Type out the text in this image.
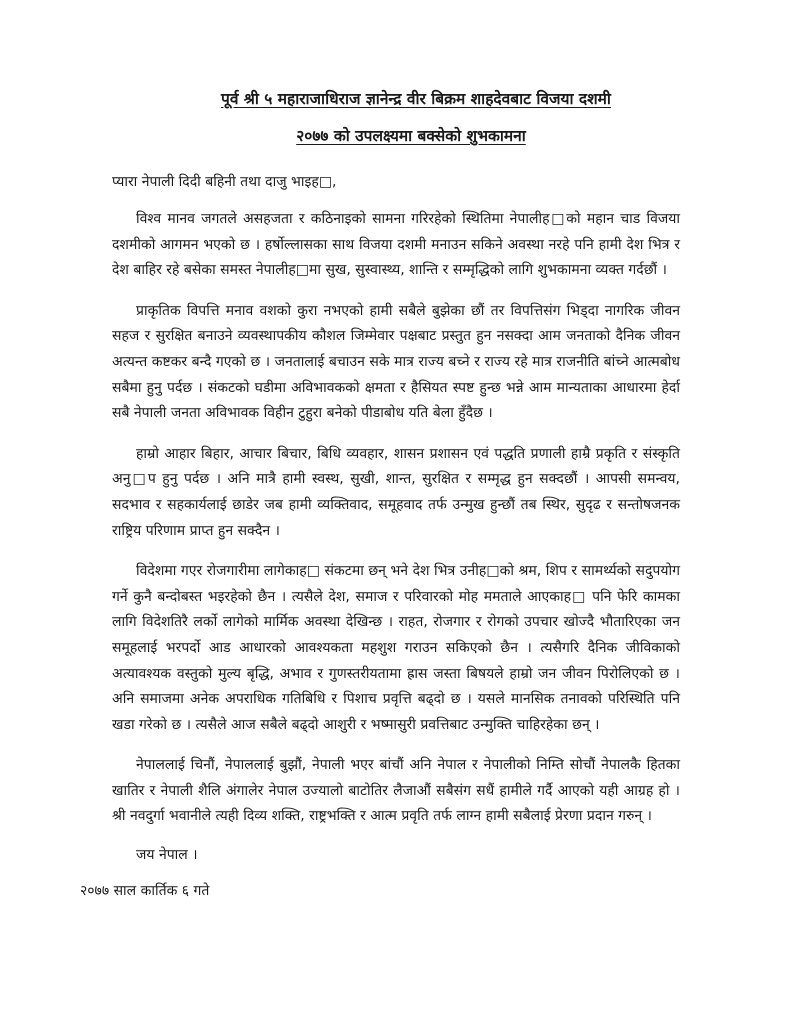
पूर्व श्री ५ महाराजाधिराज ज्ञानेन्द्र वीर बिक्रम शाहदेवबाट विजया दशमी

२०७७ को उपलक्ष्यमा बक्सेको शुभकामना

प्यारा नेपाली दिदी बहिनी तथा दाजु भाइह□,

विश्व मानव जगतले असहजता र कठिनाइको सामना गरिरहेको स्थितिमा नेपालीह□को महान चाड विजया दशमीको आगमन भएको छ । हर्षोल्लासका साथ विजया दशमी मनाउन सकिने अवस्था नरहे पनि हामी देश भित्र र देश बाहिर रहे बसेका समस्त नेपालीह□मा सुख, सुस्वास्थ्य, शान्ति र सम्मृद्धिको लागि शुभकामना व्यक्त गर्दछौं ।

प्राकृतिक विपत्ति मनाव वशको कुरा नभएको हामी सबैले बुझेका छौं तर विपत्तिसंग भिड्दा नागरिक जीवन सहज र सुरक्षित बनाउने व्यवस्थापकीय कौशल जिम्मेवार पक्षबाट प्रस्तुत हुन नसक्दा आम जनताको दैनिक जीवन अत्यन्त कष्टकर बन्दै गएको छ । जनतालाई बचाउन सके मात्र राज्य बच्ने र राज्य रहे मात्र राजनीति बांच्ने आत्मबोध सबैमा हुनु पर्दछ । संकटको घडीमा अविभावकको क्षमता र हैसियत स्पष्ट हुन्छ भन्ने आम मान्यताका आधारमा हेर्दा सबै नेपाली जनता अविभावक विहीन टुहुरा बनेको पीडाबोध यति बेला हुँदैछ ।

हाम्रो आहार बिहार, आचार बिचार, बिधि व्यवहार, शासन प्रशासन एवं पद्धति प्रणाली हाम्रै प्रकृति र संस्कृति अनु□प हुनु पर्दछ । अनि मात्रै हामी स्वस्थ, सुखी, शान्त, सुरक्षित र सम्मृद्ध हुन सक्दछौं । आपसी समन्वय, सदभाव र सहकार्यलाई छाडेर जब हामी व्यक्तिवाद, समूहवाद तर्फ उन्मुख हुन्छौं तब स्थिर, सुदृढ र सन्तोषजनक राष्ट्रिय परिणाम प्राप्त हुन सक्दैन ।

विदेशमा गएर रोजगारीमा लागेकाह□ संकटमा छन् भने देश भित्र उनीह□को श्रम, शिप र सामर्थ्यको सदुपयोग गर्ने कुनै बन्दोबस्त भइरहेको छैन । त्यसैले देश, समाज र परिवारको मोह ममताले आएकाह□ पनि फेरि कामका लागि विदेशतिरै लर्को लागेको मार्मिक अवस्था देखिन्छ । राहत, रोजगार र रोगको उपचार खोज्दै भौतारिएका जन समूहलाई भरपर्दो आड आधारको आवश्यकता महशुश गराउन सकिएको छैन । त्यसैगरि दैनिक जीविकाको अत्यावश्यक वस्तुको मुल्य बृद्धि, अभाव र गुणस्तरीयतामा ह्रास जस्ता बिषयले हाम्रो जन जीवन पिरोलिएको छ । अनि समाजमा अनेक अपराधिक गतिबिधि र पिशाच प्रवृत्ति बढ्दो छ । यसले मानसिक तनावको परिस्थिति पनि खडा गरेको छ । त्यसैले आज सबैले बढ्दो आशुरी र भष्मासुरी प्रवत्तिबाट उन्मुक्ति चाहिरहेका छन् ।

नेपाललाई चिनौं, नेपाललाई बुझौं, नेपाली भएर बांचौं अनि नेपाल र नेपालीको निम्ति सोचौं नेपालकै हितका खातिर र नेपाली शैलि अंगालेर नेपाल उज्यालो बाटोतिर लैजाऔं सबैसंग सधैं हामीले गर्दै आएको यही आग्रह हो । श्री नवदुर्गा भवानीले त्यही दिव्य शक्ति, राष्ट्रभक्ति र आत्म प्रवृति तर्फ लाग्न हामी सबैलाई प्रेरणा प्रदान गरुन् ।

जय नेपाल ।

२०७७ साल कार्तिक ६ गते
